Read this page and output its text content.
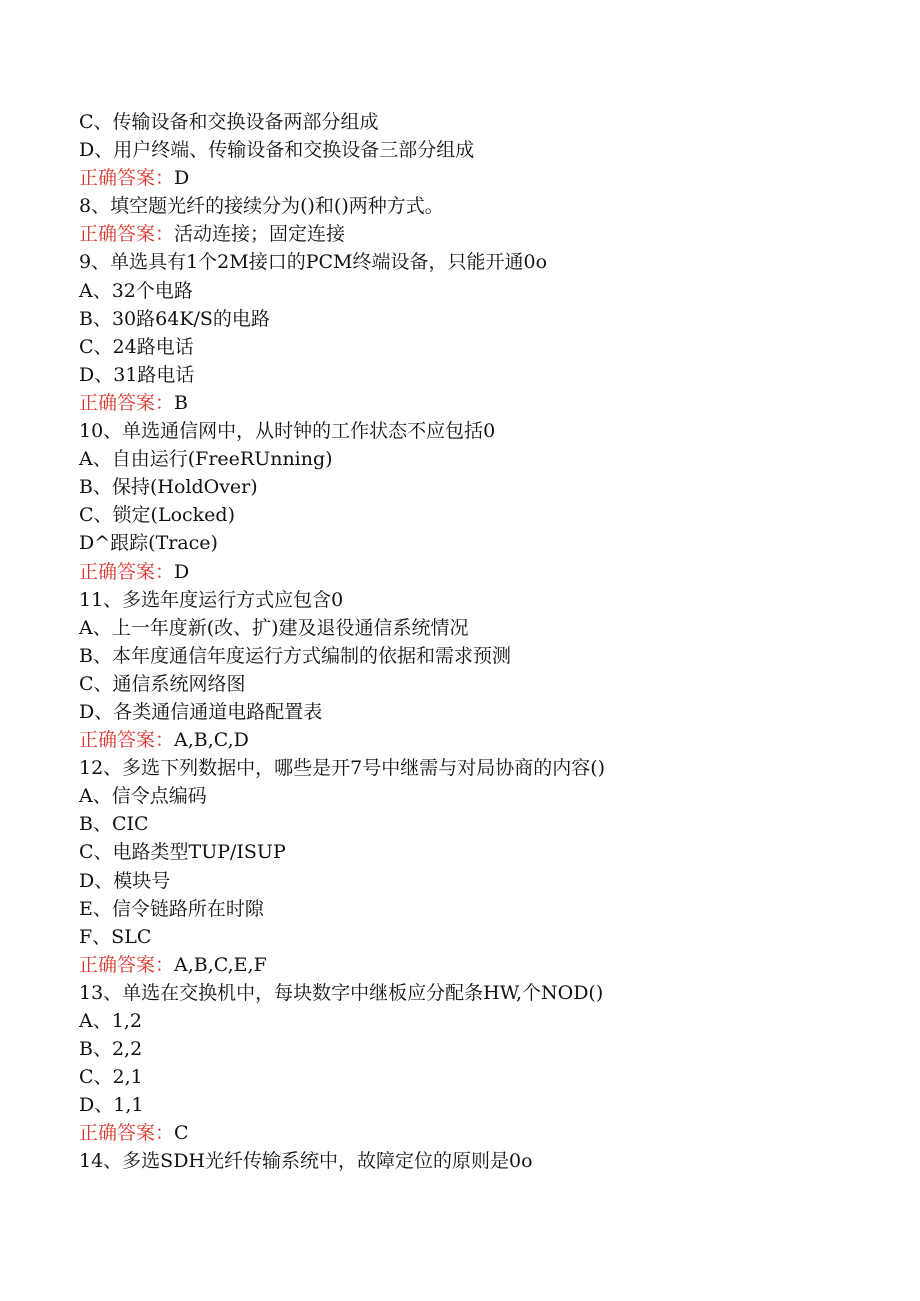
C、传输设备和交换设备两部分组成
D、用户终端、传输设备和交换设备三部分组成
正确答案：D
8、填空题光纤的接续分为()和()两种方式。
正确答案：活动连接；固定连接
9、单选具有1个2M接口的PCM终端设备，只能开通0o
A、32个电路
B、30路64K/S的电路
C、24路电话
D、31路电话
正确答案：B
10、单选通信网中，从时钟的工作状态不应包括0
A、自由运行(FreeRUnning)
B、保持(HoldOver)
C、锁定(Locked)
D^跟踪(Trace)
正确答案：D
11、多选年度运行方式应包含0
A、上一年度新(改、扩)建及退役通信系统情况
B、本年度通信年度运行方式编制的依据和需求预测
C、通信系统网络图
D、各类通信通道电路配置表
正确答案：A,B,C,D
12、多选下列数据中，哪些是开7号中继需与对局协商的内容()
A、信令点编码
B、CIC
C、电路类型TUP/ISUP
D、模块号
E、信令链路所在时隙
F、SLC
正确答案：A,B,C,E,F
13、单选在交换机中，每块数字中继板应分配条HW,个NOD()
A、1,2
B、2,2
C、2,1
D、1,1
正确答案：C
14、多选SDH光纤传输系统中，故障定位的原则是0o
